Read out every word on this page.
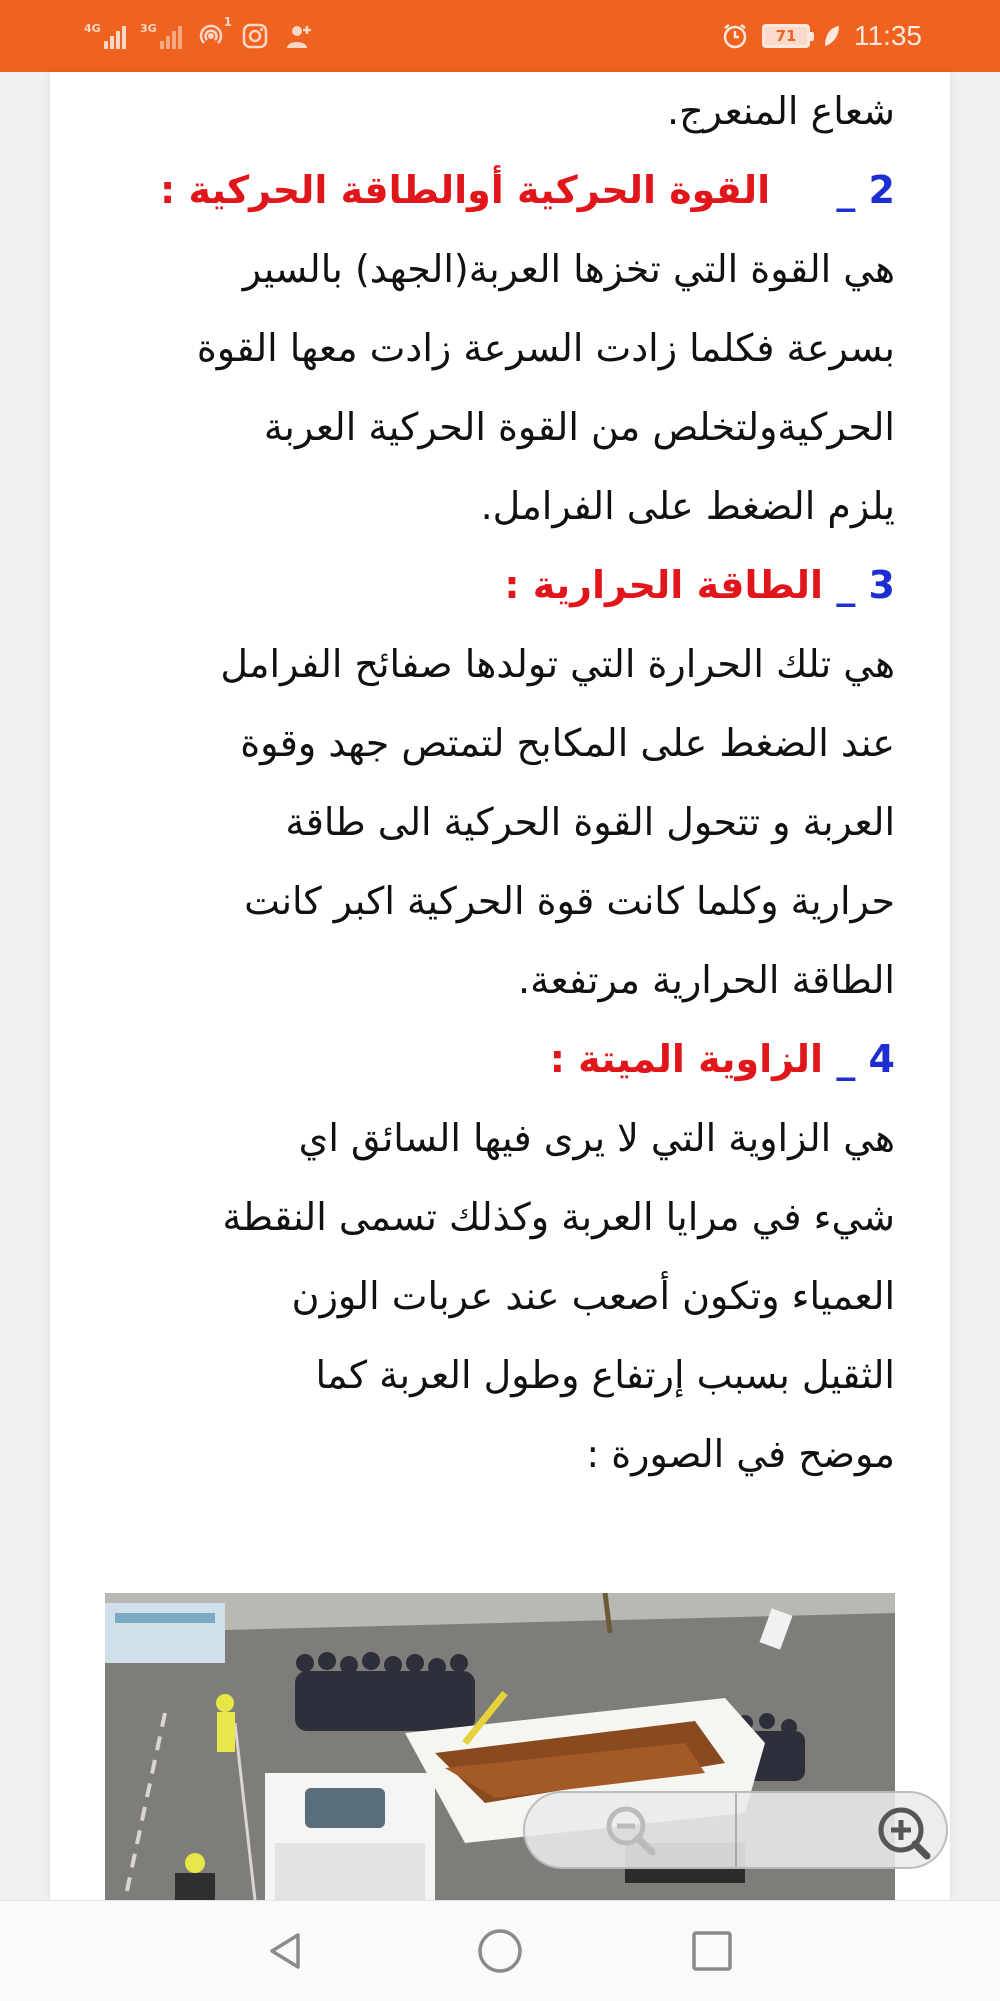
4G	3G	1
71 11:35

شعاع المنعرج.

2 _     القوة الحركية أوالطاقة الحركية :

هي القوة التي تخزها العربة(الجهد) بالسير

بسرعة فكلما زادت السرعة زادت معها القوة

الحركيةولتخلص من القوة الحركية العربة

يلزم الضغط على الفرامل.

3 _ الطاقة الحرارية :

هي تلك الحرارة التي تولدها صفائح الفرامل

عند الضغط على المكابح لتمتص جهد وقوة

العربة و تتحول القوة الحركية الى طاقة

حرارية وكلما كانت قوة الحركية اكبر كانت

الطاقة الحرارية مرتفعة.

4 _ الزاوية الميتة :

هي الزاوية التي لا يرى فيها السائق اي

شيء في مرايا العربة وكذلك تسمى النقطة

العمياء وتكون أصعب عند عربات الوزن

الثقيل بسبب إرتفاع وطول العربة كما

موضح في الصورة :
